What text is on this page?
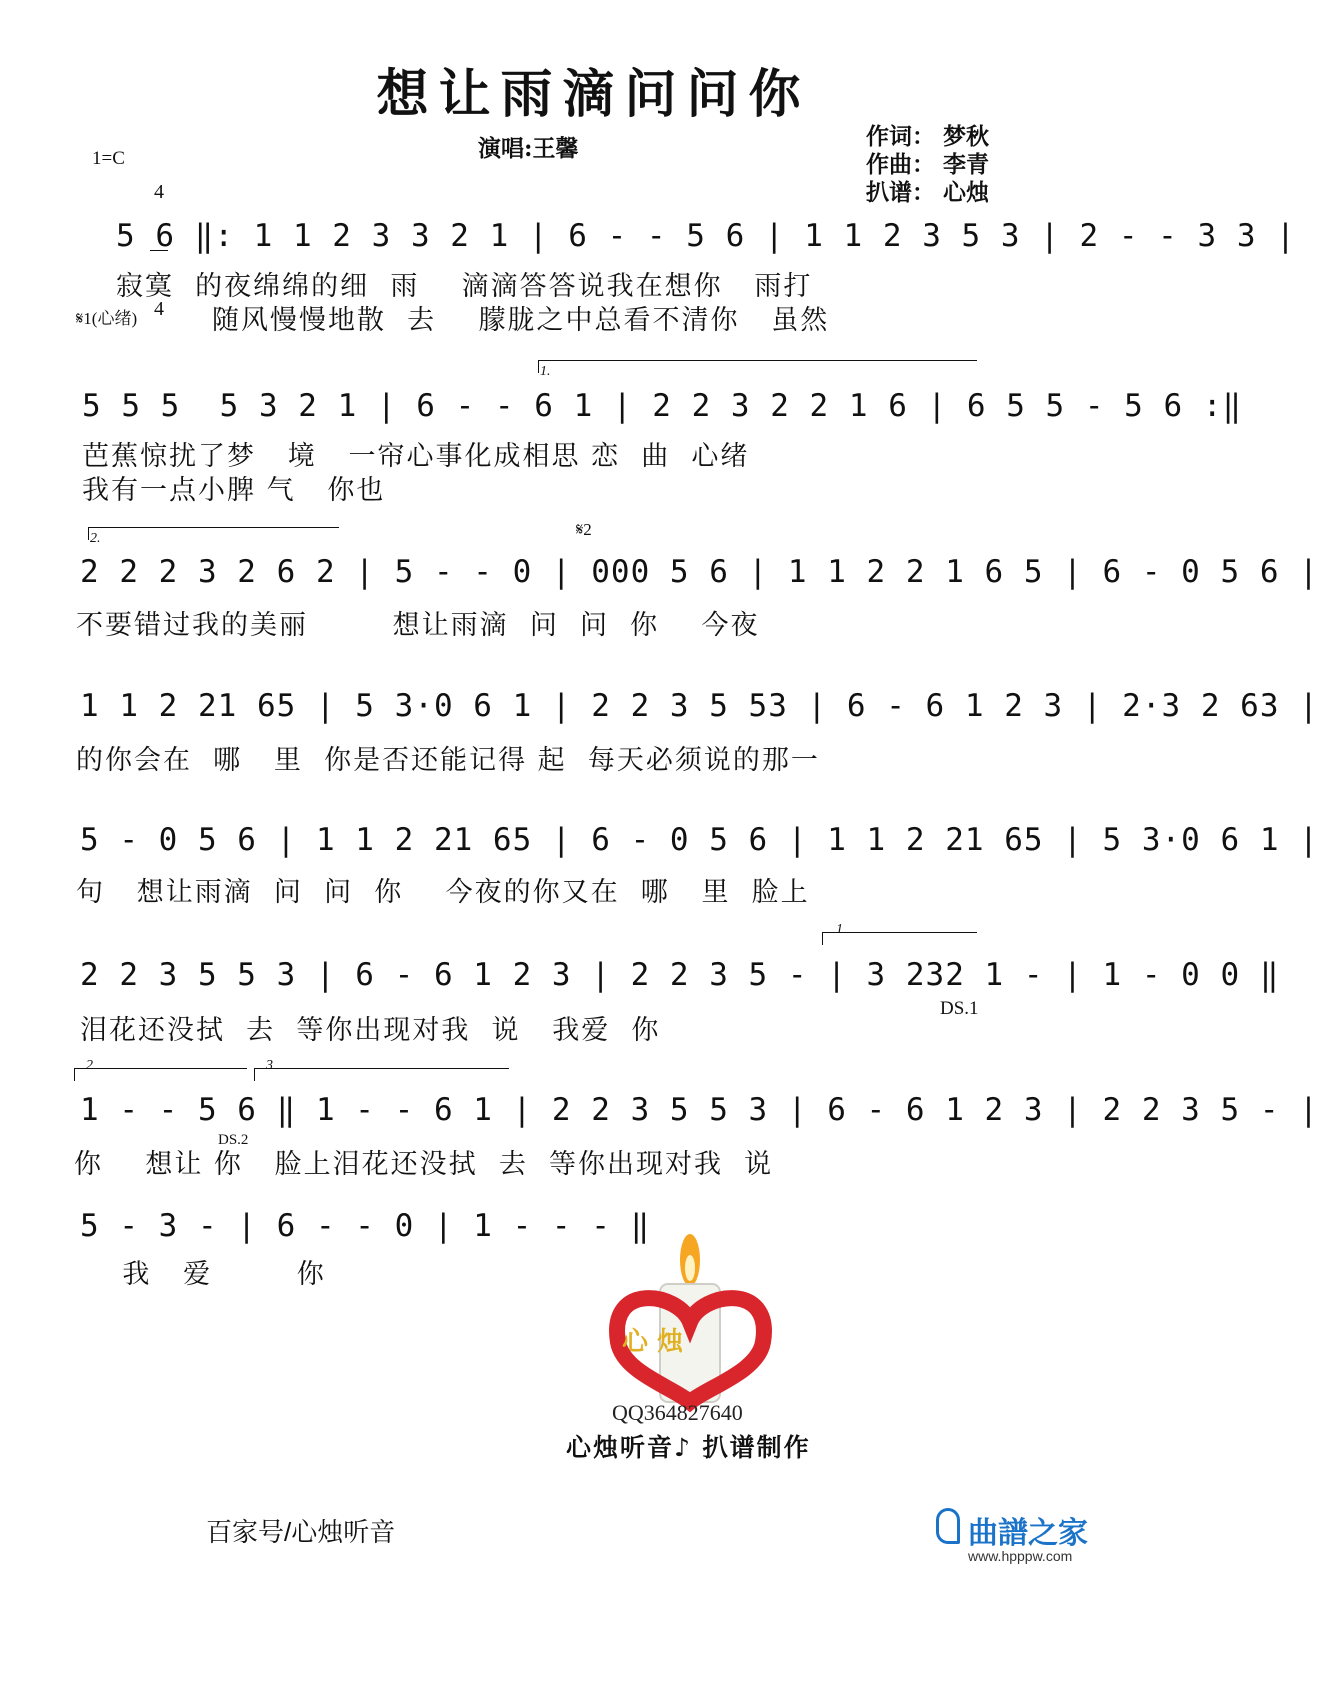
想让雨滴问问你
演唱:王馨	作词： 梦秋
作曲： 李青
扒谱： 心烛
1=C

4

4

5 6 ‖: 1 1 2 3 3 2 1 | 6 - - 5 6 | 1 1 2 3 5 3 | 2 - - 3 3 |
寂寞  的夜绵绵的细  雨    滴滴答答说我在想你   雨打
𝄋1(心绪)	随风慢慢地散  去    朦胧之中总看不清你   虽然
1.
5 5 5  5 3 2 1 | 6 - - 6 1 | 2 2 3 2 2 1 6 | 6 5 5 - 5 6 :‖
芭蕉惊扰了梦   境   一帘心事化成相思 恋  曲  心绪
我有一点小脾 气   你也
2.	𝄋2
2 2 2 3 2 6 2 | 5 - - 0 | 000 5 6 | 1 1 2 2 1 6 5 | 6 - 0 5 6 |
不要错过我的美丽        想让雨滴  问  问  你    今夜
1 1 2 21 65 | 5 3·0 6 1 | 2 2 3 5 53 | 6 - 6 1 2 3 | 2·3 2 63 |
的你会在  哪   里  你是否还能记得 起  每天必须说的那一
5 - 0 5 6 | 1 1 2 21 65 | 6 - 0 5 6 | 1 1 2 21 65 | 5 3·0 6 1 |
句   想让雨滴  问  问  你    今夜的你又在  哪   里  脸上
1
2 2 3 5 5 3 | 6 - 6 1 2 3 | 2 2 3 5 - | 3 232 1 - | 1 - 0 0 ‖
DS.1
泪花还没拭  去  等你出现对我  说   我爱  你
2	3
1 - - 5 6 ‖ 1 - - 6 1 | 2 2 3 5 5 3 | 6 - 6 1 2 3 | 2 2 3 5 - |
DS.2
你    想让 你   脸上泪花还没拭  去  等你出现对我  说
5 - 3 - | 6 - - 0 | 1 - - - ‖
我   爱        你
心 烛
QQ364827640
心烛听音♪ 扒谱制作
百家号/心烛听音	曲譜之家
www.hpppw.com
